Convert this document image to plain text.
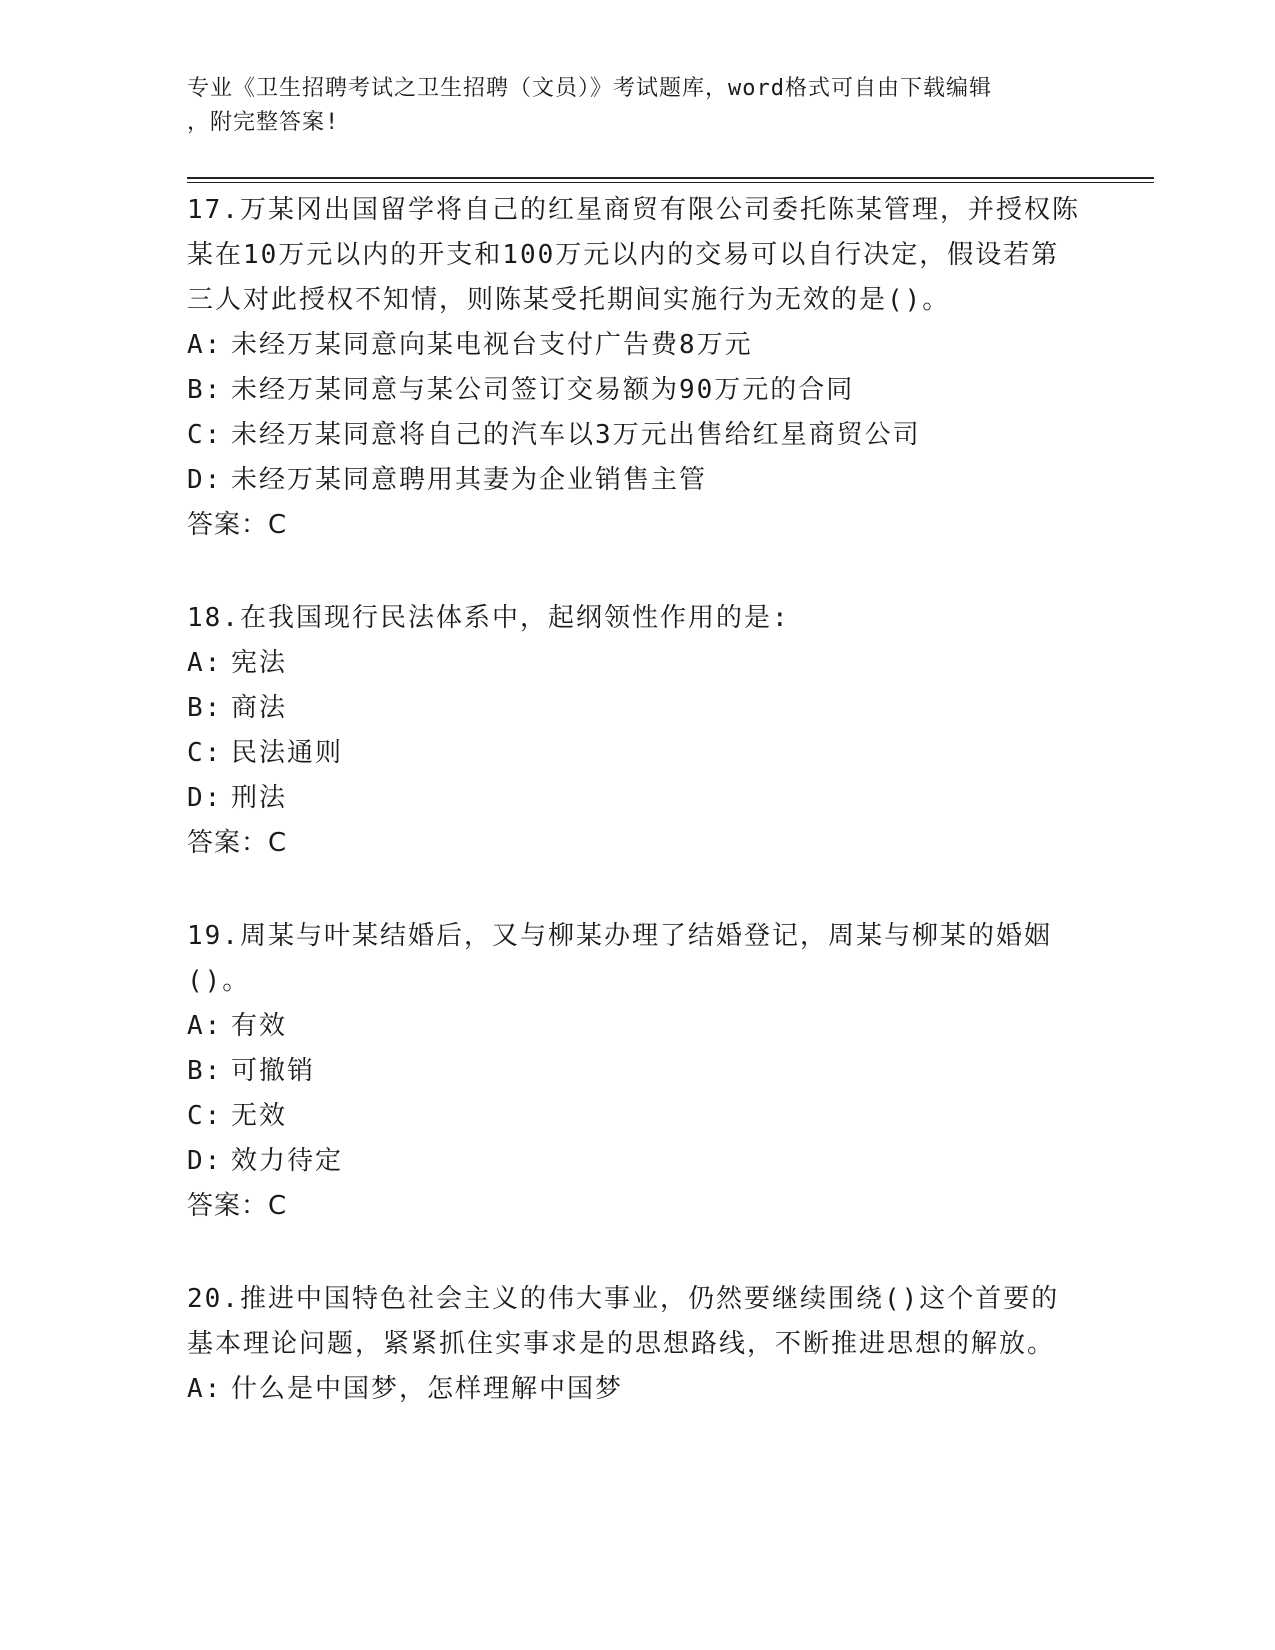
专业《卫生招聘考试之卫生招聘（文员）》考试题库，word格式可自由下载编辑
，附完整答案!
17.万某冈出国留学将自己的红星商贸有限公司委托陈某管理，并授权陈某在10万元以内的开支和100万元以内的交易可以自行决定，假设若第三人对此授权不知情，则陈某受托期间实施行为无效的是()。
A: 未经万某同意向某电视台支付广告费8万元
B: 未经万某同意与某公司签订交易额为90万元的合同
C: 未经万某同意将自己的汽车以3万元出售给红星商贸公司
D: 未经万某同意聘用其妻为企业销售主管
答案：C
18.在我国现行民法体系中，起纲领性作用的是:
A: 宪法
B: 商法
C: 民法通则
D: 刑法
答案：C
19.周某与叶某结婚后，又与柳某办理了结婚登记，周某与柳某的婚姻()。
A: 有效
B: 可撤销
C: 无效
D: 效力待定
答案：C
20.推进中国特色社会主义的伟大事业，仍然要继续围绕()这个首要的基本理论问题，紧紧抓住实事求是的思想路线，不断推进思想的解放。
A: 什么是中国梦，怎样理解中国梦
